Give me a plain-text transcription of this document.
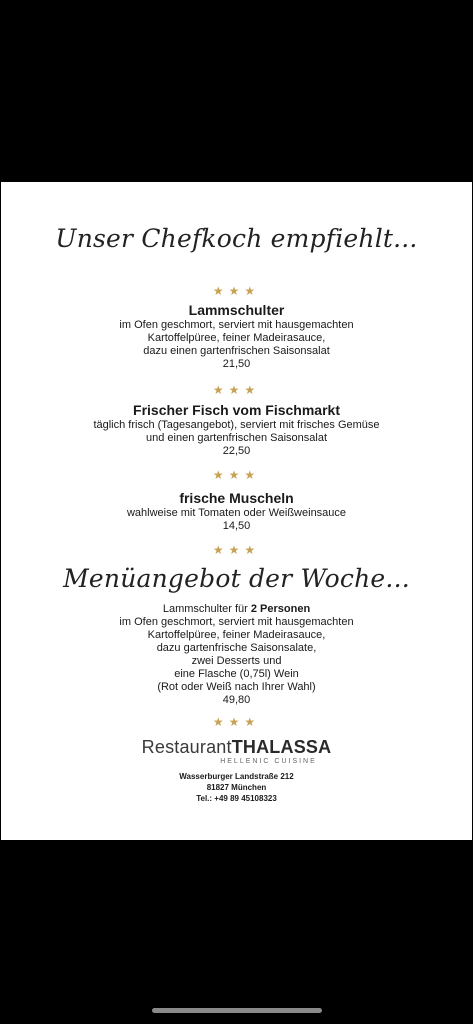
Unser Chefkoch empfiehlt...
★★★
Lammschulter
im Ofen geschmort, serviert mit hausgemachten
Kartoffelpüree, feiner Madeirasauce,
dazu einen gartenfrischen Saisonsalat
21,50
★★★
Frischer Fisch vom Fischmarkt
täglich frisch (Tagesangebot), serviert mit frisches Gemüse
und einen gartenfrischen Saisonsalat
22,50
★★★
frische Muscheln
wahlweise mit Tomaten oder Weißweinsauce
14,50
★★★
Menüangebot der Woche...
Lammschulter für 2 Personen
im Ofen geschmort, serviert mit hausgemachten
Kartoffelpüree, feiner Madeirasauce,
dazu gartenfrische Saisonsalate,
zwei Desserts und
eine Flasche (0,75l) Wein
(Rot oder Weiß nach Ihrer Wahl)
49,80
★★★
RestaurantTHALASSA
HELLENIC CUISINE
Wasserburger Landstraße 212
81827 München
Tel.: +49 89 45108323
